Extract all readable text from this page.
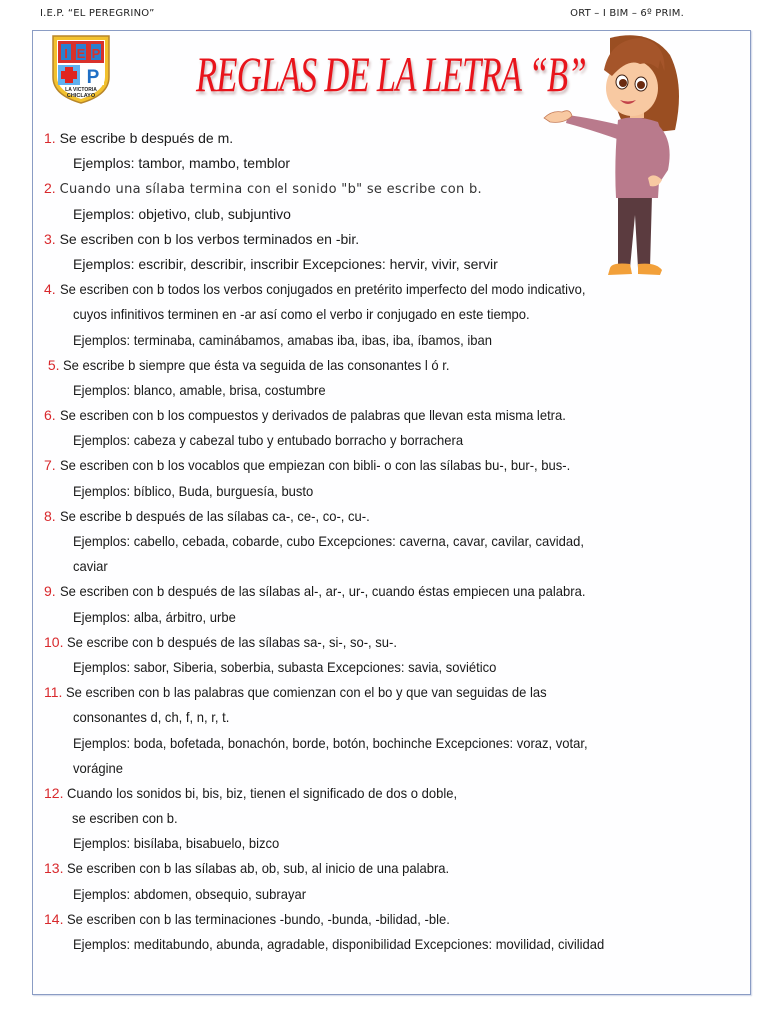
I.E.P. “EL PEREGRINO”	ORT – I BIM – 6º PRIM.
I E P
P
LA VICTORIA
CHICLAYO REGLAS DE LA LETRA “B”
1. Se escribe b después de m.
Ejemplos: tambor, mambo, temblor
2. Cuando una sílaba termina con el sonido "b" se escribe con b.
Ejemplos: objetivo, club, subjuntivo
3. Se escriben con b los verbos terminados en -bir.
Ejemplos: escribir, describir, inscribir Excepciones: hervir, vivir, servir
4. Se escriben con b todos los verbos conjugados en pretérito imperfecto del modo indicativo,
cuyos infinitivos terminen en -ar así como el verbo ir conjugado en este tiempo.
Ejemplos: terminaba, caminábamos, amabas iba, ibas, iba, íbamos, iban
5. Se escribe b siempre que ésta va seguida de las consonantes l ó r.
Ejemplos: blanco, amable, brisa, costumbre
6. Se escriben con b los compuestos y derivados de palabras que llevan esta misma letra.
Ejemplos: cabeza y cabezal tubo y entubado borracho y borrachera
7. Se escriben con b los vocablos que empiezan con bibli- o con las sílabas bu-, bur-, bus-.
Ejemplos: bíblico, Buda, burguesía, busto
8. Se escribe b después de las sílabas ca-, ce-, co-, cu-.
Ejemplos: cabello, cebada, cobarde, cubo Excepciones: caverna, cavar, cavilar, cavidad,
caviar
9. Se escriben con b después de las sílabas al-, ar-, ur-, cuando éstas empiecen una palabra.
Ejemplos: alba, árbitro, urbe
10. Se escribe con b después de las sílabas sa-, si-, so-, su-.
Ejemplos: sabor, Siberia, soberbia, subasta Excepciones: savia, soviético
11. Se escriben con b las palabras que comienzan con el bo y que van seguidas de las
consonantes d, ch, f, n, r, t.
Ejemplos: boda, bofetada, bonachón, borde, botón, bochinche Excepciones: voraz, votar,
vorágine
12. Cuando los sonidos bi, bis, biz, tienen el significado de dos o doble,
se escriben con b.
Ejemplos: bisílaba, bisabuelo, bizco
13. Se escriben con b las sílabas ab, ob, sub, al inicio de una palabra.
Ejemplos: abdomen, obsequio, subrayar
14. Se escriben con b las terminaciones -bundo, -bunda, -bilidad, -ble.
Ejemplos: meditabundo, abunda, agradable, disponibilidad Excepciones: movilidad, civilidad
